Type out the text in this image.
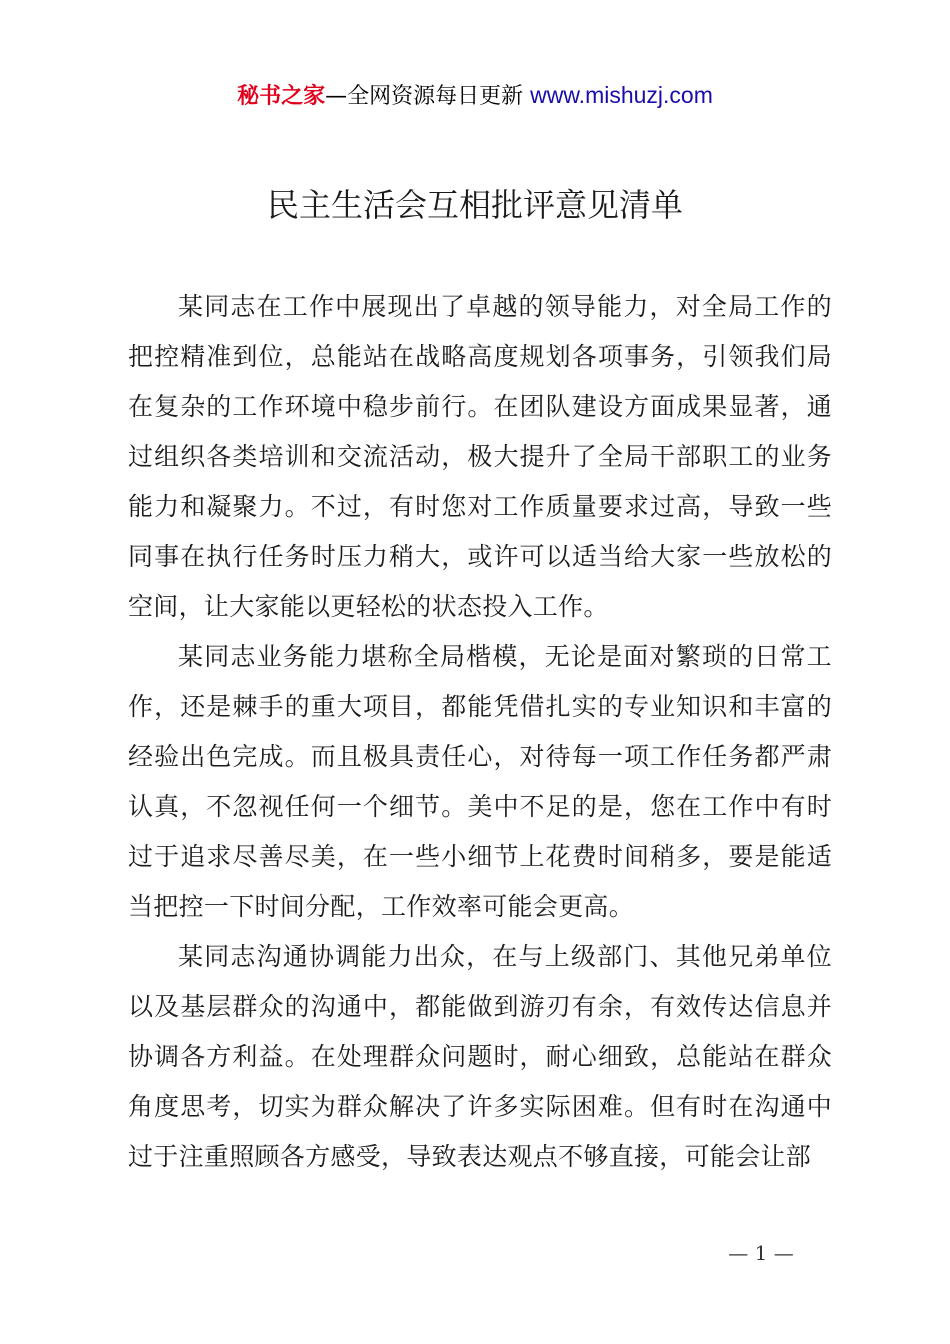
秘书之家—全网资源每日更新 www.mishuzj.com
民主生活会互相批评意见清单

某同志在工作中展现出了卓越的领导能力，对全局工作的把控精准到位，总能站在战略高度规划各项事务，引领我们局在复杂的工作环境中稳步前行。在团队建设方面成果显著，通过组织各类培训和交流活动，极大提升了全局干部职工的业务能力和凝聚力。不过，有时您对工作质量要求过高，导致一些同事在执行任务时压力稍大，或许可以适当给大家一些放松的空间，让大家能以更轻松的状态投入工作。

某同志业务能力堪称全局楷模，无论是面对繁琐的日常工作，还是棘手的重大项目，都能凭借扎实的专业知识和丰富的经验出色完成。而且极具责任心，对待每一项工作任务都严肃认真，不忽视任何一个细节。美中不足的是，您在工作中有时过于追求尽善尽美，在一些小细节上花费时间稍多，要是能适当把控一下时间分配，工作效率可能会更高。

某同志沟通协调能力出众，在与上级部门、其他兄弟单位以及基层群众的沟通中，都能做到游刃有余，有效传达信息并协调各方利益。在处理群众问题时，耐心细致，总能站在群众角度思考，切实为群众解决了许多实际困难。但有时在沟通中过于注重照顾各方感受，导致表达观点不够直接，可能会让部

— 1 —
